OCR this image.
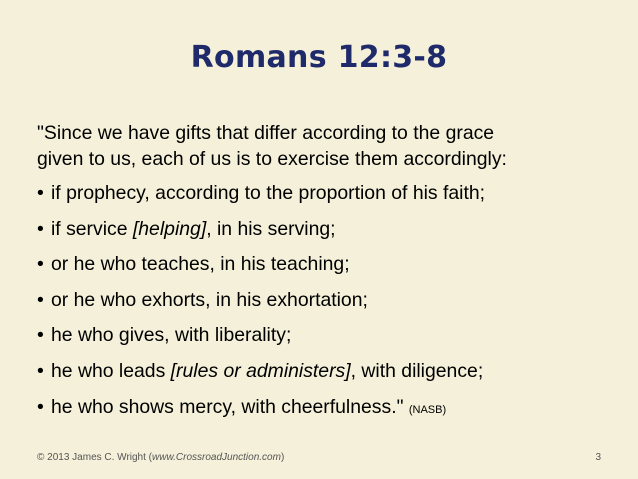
Romans 12:3-8
"Since we have gifts that differ according to the grace
given to us, each of us is to exercise them accordingly:
• if prophecy, according to the proportion of his faith;
• if service [helping], in his serving;
• or he who teaches, in his teaching;
• or he who exhorts, in his exhortation;
• he who gives, with liberality;
• he who leads [rules or administers], with diligence;
• he who shows mercy, with cheerfulness." (NASB)
© 2013 James C. Wright (www.CrossroadJunction.com)	3
